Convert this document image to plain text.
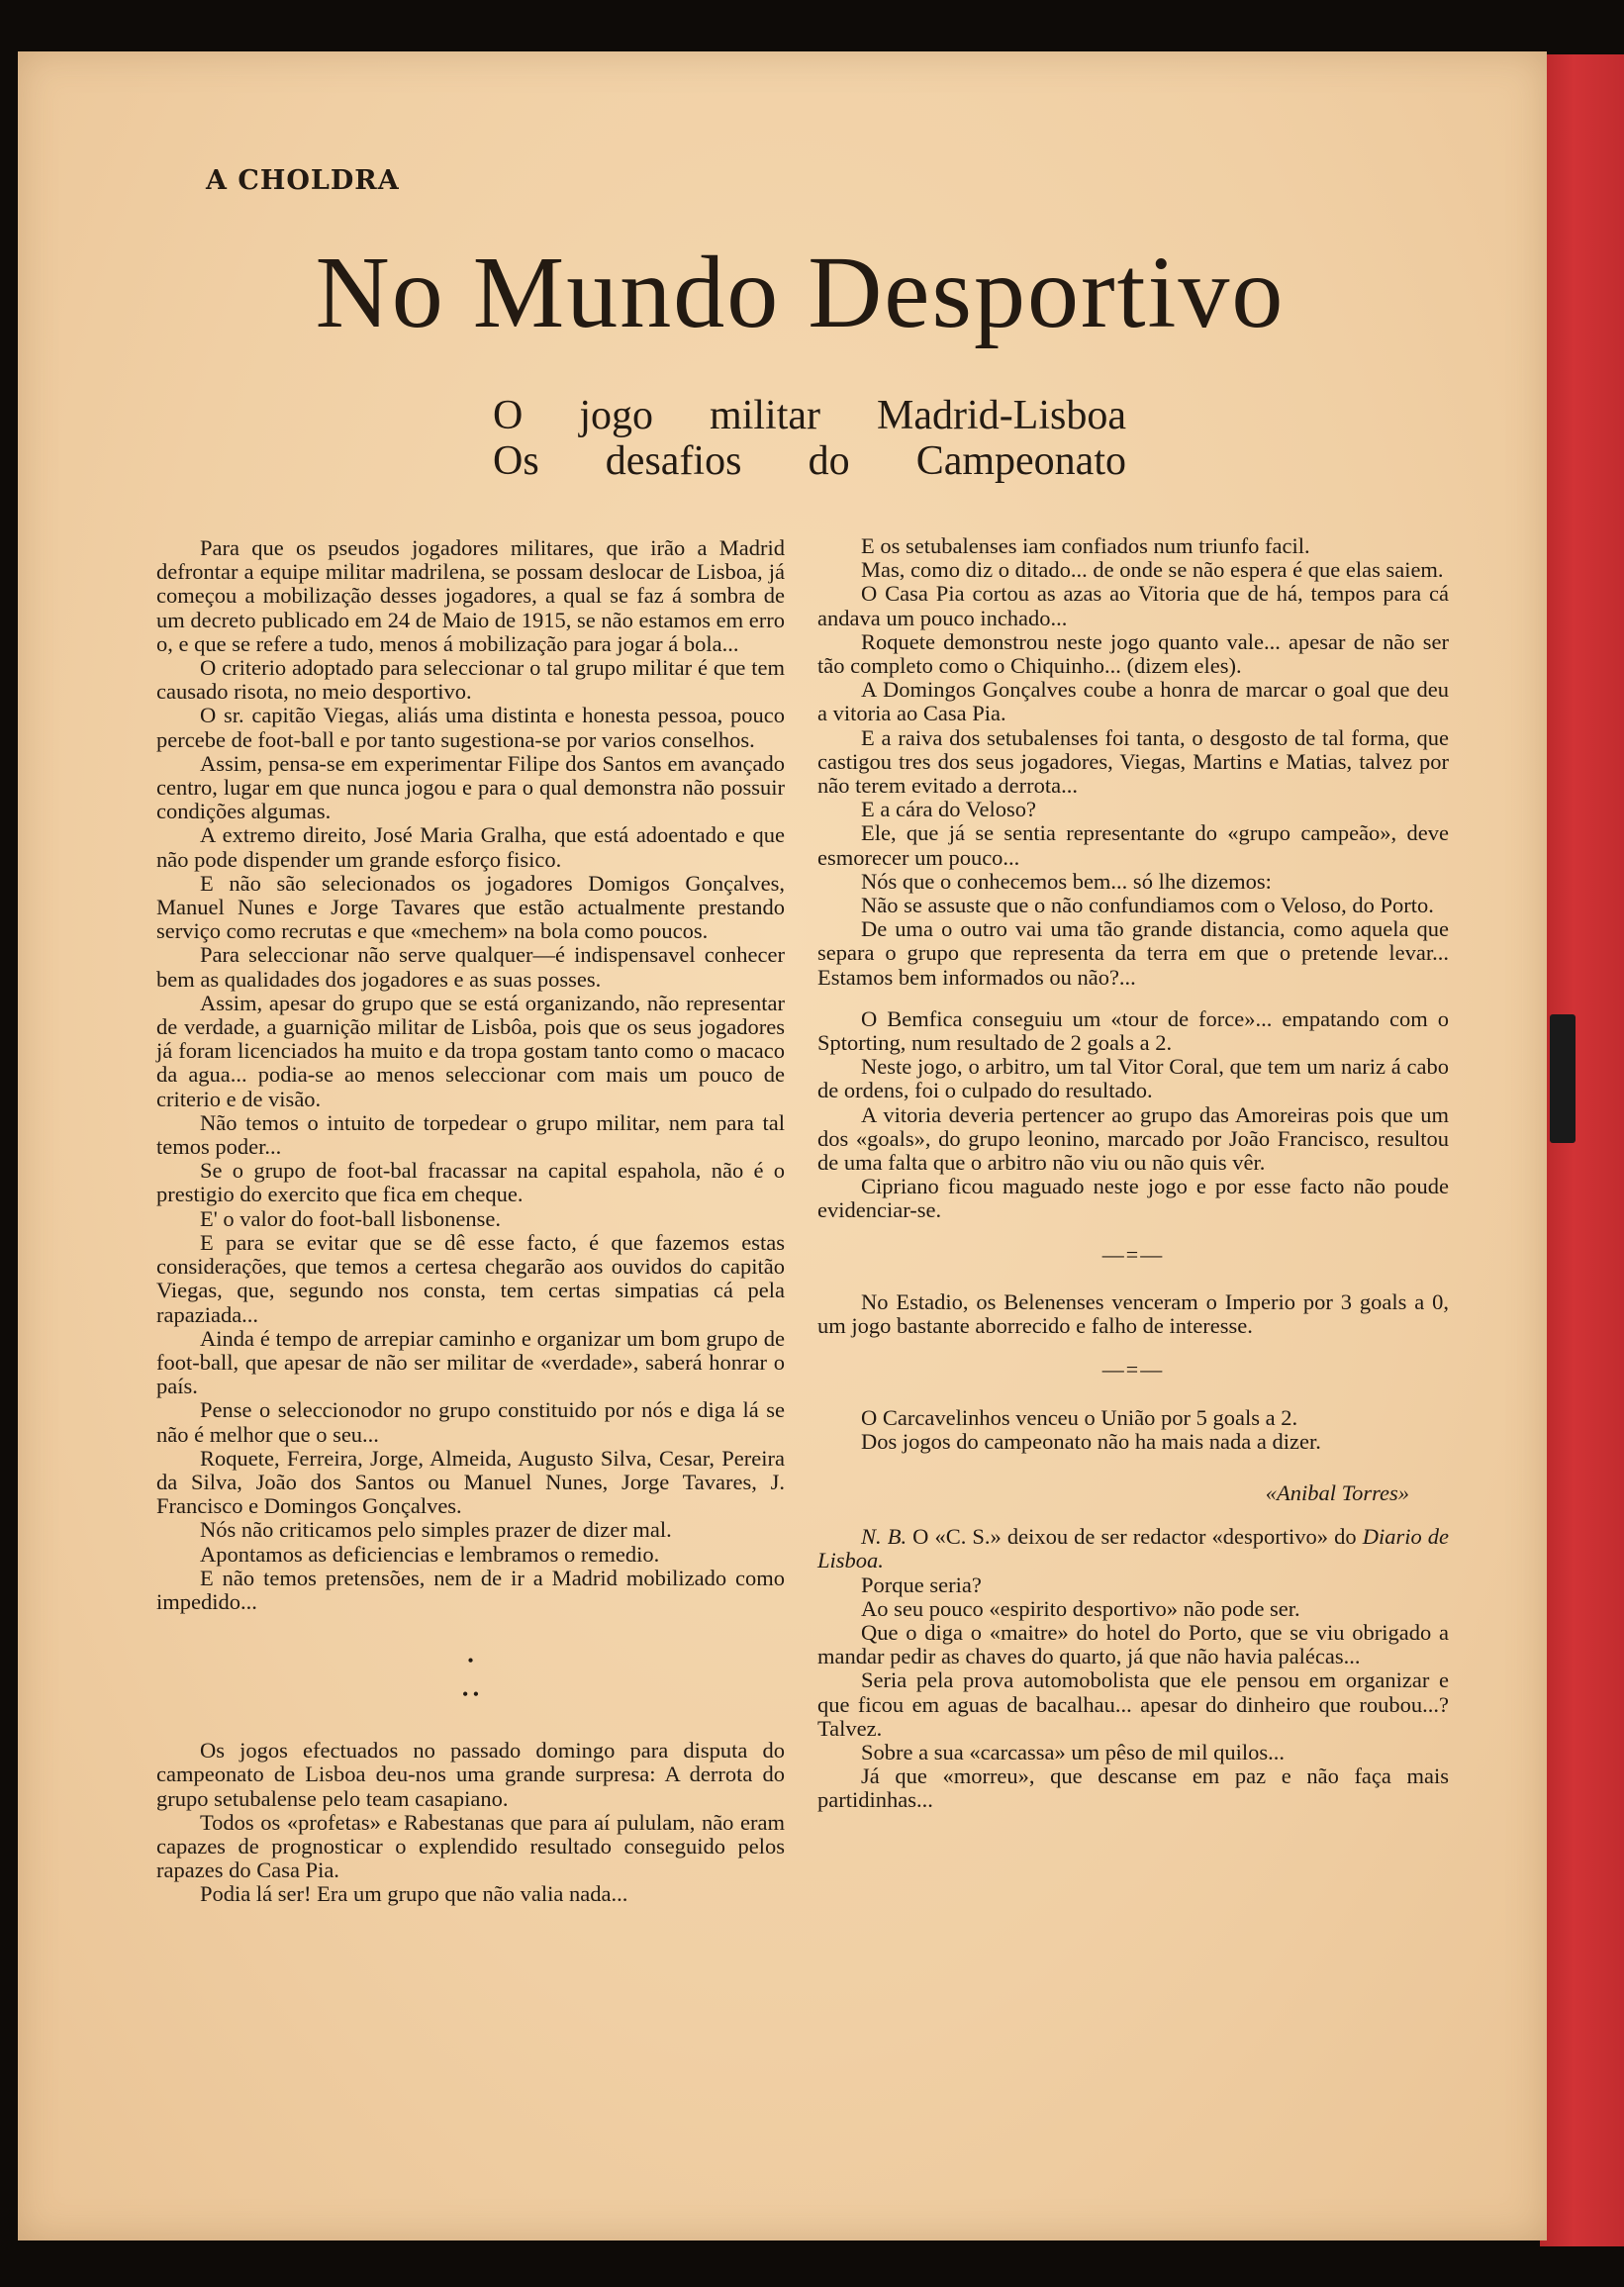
A CHOLDRA
No Mundo Desportivo
O jogo militar Madrid-Lisboa
Os desafios do Campeonato

Para que os pseudos jogadores militares, que irão a Madrid defrontar a equipe militar madrilena, se possam deslocar de Lisboa, já começou a mobilização desses jogadores, a qual se faz á sombra de um decreto publicado em 24 de Maio de 1915, se não estamos em erro o, e que se refere a tudo, menos á mobilização para jogar á bola...

O criterio adoptado para seleccionar o tal grupo militar é que tem causado risota, no meio desportivo.

O sr. capitão Viegas, aliás uma distinta e honesta pessoa, pouco percebe de foot-ball e por tanto sugestiona-se por varios conselhos.

Assim, pensa-se em experimentar Filipe dos Santos em avançado centro, lugar em que nunca jogou e para o qual demonstra não possuir condições algumas.

A extremo direito, José Maria Gralha, que está adoentado e que não pode dispender um grande esforço fisico.

E não são selecionados os jogadores Domigos Gonçalves, Manuel Nunes e Jorge Tavares que estão actualmente prestando serviço como recrutas e que «mechem» na bola como poucos.

Para seleccionar não serve qualquer—é indispensavel conhecer bem as qualidades dos jogadores e as suas posses.

Assim, apesar do grupo que se está organizando, não representar de verdade, a guarnição militar de Lisbôa, pois que os seus jogadores já foram licenciados ha muito e da tropa gostam tanto como o macaco da agua... podia-se ao menos seleccionar com mais um pouco de criterio e de visão.

Não temos o intuito de torpedear o grupo militar, nem para tal temos poder...

Se o grupo de foot-bal fracassar na capital espahola, não é o prestigio do exercito que fica em cheque.

E' o valor do foot-ball lisbonense.

E para se evitar que se dê esse facto, é que fazemos estas considerações, que temos a certesa chegarão aos ouvidos do capitão Viegas, que, segundo nos consta, tem certas simpatias cá pela rapaziada...

Ainda é tempo de arrepiar caminho e organizar um bom grupo de foot-ball, que apesar de não ser militar de «verdade», saberá honrar o país.

Pense o seleccionodor no grupo constituido por nós e diga lá se não é melhor que o seu...

Roquete, Ferreira, Jorge, Almeida, Augusto Silva, Cesar, Pereira da Silva, João dos Santos ou Manuel Nunes, Jorge Tavares, J. Francisco e Domingos Gonçalves.

Nós não criticamos pelo simples prazer de dizer mal.

Apontamos as deficiencias e lembramos o remedio.

E não temos pretensões, nem de ir a Madrid mobilizado como impedido...

•
• •

Os jogos efectuados no passado domingo para disputa do campeonato de Lisboa deu-nos uma grande surpresa: A derrota do grupo setubalense pelo team casapiano.

Todos os «profetas» e Rabestanas que para aí pululam, não eram capazes de prognosticar o explendido resultado conseguido pelos rapazes do Casa Pia.

Podia lá ser! Era um grupo que não valia nada...

E os setubalenses iam confiados num triunfo facil.

Mas, como diz o ditado... de onde se não espera é que elas saiem.

O Casa Pia cortou as azas ao Vitoria que de há, tempos para cá andava um pouco inchado...

Roquete demonstrou neste jogo quanto vale... apesar de não ser tão completo como o Chiquinho... (dizem eles).

A Domingos Gonçalves coube a honra de marcar o goal que deu a vitoria ao Casa Pia.

E a raiva dos setubalenses foi tanta, o desgosto de tal forma, que castigou tres dos seus jogadores, Viegas, Martins e Matias, talvez por não terem evitado a derrota...

E a cára do Veloso?

Ele, que já se sentia representante do «grupo campeão», deve esmorecer um pouco...

Nós que o conhecemos bem... só lhe dizemos:

Não se assuste que o não confundiamos com o Veloso, do Porto.

De uma o outro vai uma tão grande distancia, como aquela que separa o grupo que representa da terra em que o pretende levar... Estamos bem informados ou não?...

O Bemfica conseguiu um «tour de force»... empatando com o Sptorting, num resultado de 2 goals a 2.

Neste jogo, o arbitro, um tal Vitor Coral, que tem um nariz á cabo de ordens, foi o culpado do resultado.

A vitoria deveria pertencer ao grupo das Amoreiras pois que um dos «goals», do grupo leonino, marcado por João Francisco, resultou de uma falta que o arbitro não viu ou não quis vêr.

Cipriano ficou maguado neste jogo e por esse facto não poude evidenciar-se.

—=—

No Estadio, os Belenenses venceram o Imperio por 3 goals a 0, um jogo bastante aborrecido e falho de interesse.

—=—

O Carcavelinhos venceu o União por 5 goals a 2.

Dos jogos do campeonato não ha mais nada a dizer.

«Anibal Torres»

N. B. O «C. S.» deixou de ser redactor «desportivo» do Diario de Lisboa.

Porque seria?

Ao seu pouco «espirito desportivo» não pode ser.

Que o diga o «maitre» do hotel do Porto, que se viu obrigado a mandar pedir as chaves do quarto, já que não havia palécas...

Seria pela prova automobolista que ele pensou em organizar e que ficou em aguas de bacalhau... apesar do dinheiro que roubou...? Talvez.

Sobre a sua «carcassa» um pêso de mil quilos...

Já que «morreu», que descanse em paz e não faça mais partidinhas...
